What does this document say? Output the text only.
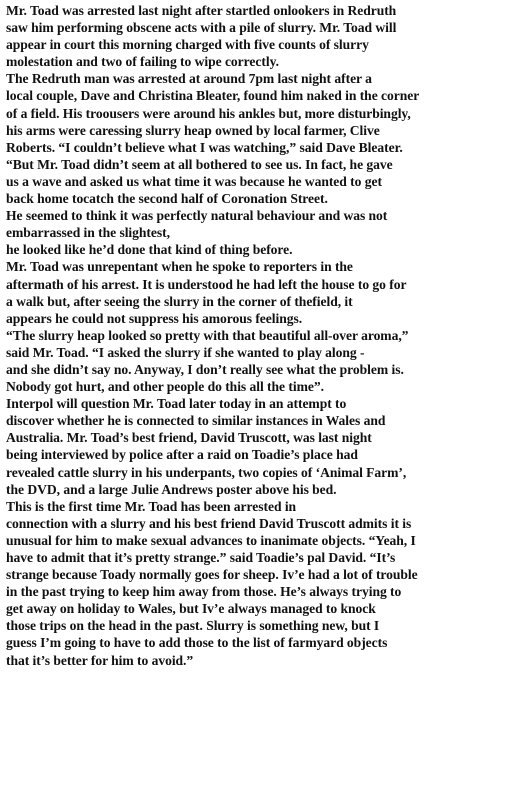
Mr. Toad was arrested last night after startled onlookers in Redruth
saw him performing obscene acts with a pile of slurry. Mr. Toad will
appear in court this morning charged with five counts of slurry
molestation and two of failing to wipe correctly.
The Redruth man was arrested at around 7pm last night after a
local couple, Dave and Christina Bleater, found him naked in the corner
of a field. His troousers were around his ankles but, more disturbingly,
his arms were caressing slurry heap owned by local farmer, Clive
Roberts. “I couldn’t believe what I was watching,” said Dave Bleater.
“But Mr. Toad didn’t seem at all bothered to see us. In fact, he gave
us a wave and asked us what time it was because he wanted to get
back home tocatch the second half of Coronation Street.
He seemed to think it was perfectly natural behaviour and was not
embarrassed in the slightest,
he looked like he’d done that kind of thing before.
Mr. Toad was unrepentant when he spoke to reporters in the
aftermath of his arrest. It is understood he had left the house to go for
a walk but, after seeing the slurry in the corner of thefield, it
appears he could not suppress his amorous feelings.
“The slurry heap looked so pretty with that beautiful all-over aroma,”
said Mr. Toad. “I asked the slurry if she wanted to play along -
and she didn’t say no. Anyway, I don’t really see what the problem is.
Nobody got hurt, and other people do this all the time”.
Interpol will question Mr. Toad later today in an attempt to
discover whether he is connected to similar instances in Wales and
Australia. Mr. Toad’s best friend, David Truscott, was last night
being interviewed by police after a raid on Toadie’s place had
revealed cattle slurry in his underpants, two copies of ‘Animal Farm’,
the DVD, and a large Julie Andrews poster above his bed.
This is the first time Mr. Toad has been arrested in
connection with a slurry and his best friend David Truscott admits it is
unusual for him to make sexual advances to inanimate objects. “Yeah, I
have to admit that it’s pretty strange.” said Toadie’s pal David. “It’s
strange because Toady normally goes for sheep. Iv’e had a lot of trouble
in the past trying to keep him away from those. He’s always trying to
get away on holiday to Wales, but Iv’e always managed to knock
those trips on the head in the past. Slurry is something new, but I
guess I’m going to have to add those to the list of farmyard objects
that it’s better for him to avoid.”
